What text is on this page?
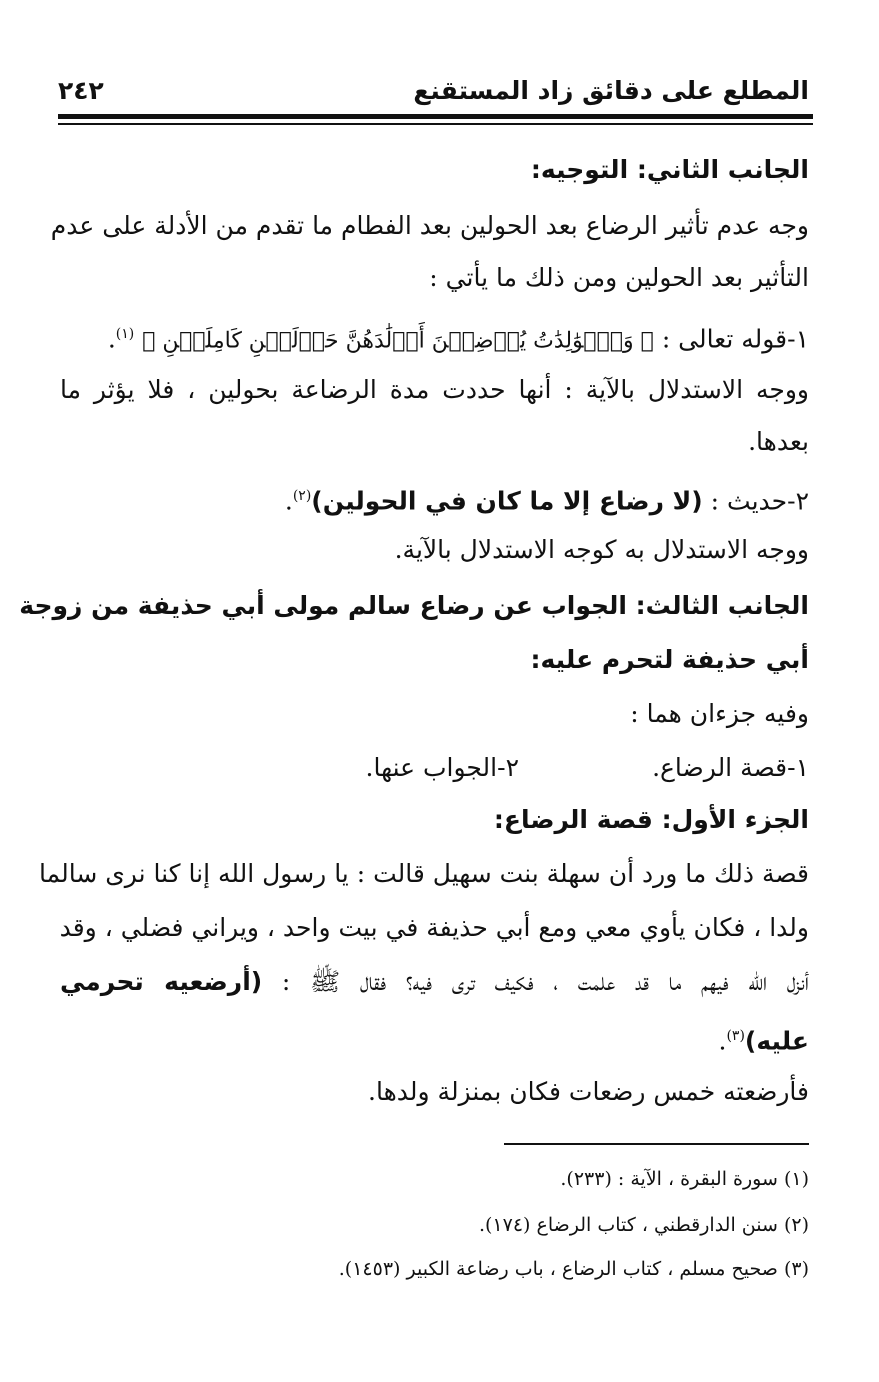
المطلع على دقائق زاد المستقنع
٢٤٢
الجانب الثاني: التوجيه:
وجه عدم تأثير الرضاع بعد الحولين بعد الفطام ما تقدم من الأدلة على عدم
التأثير بعد الحولين ومن ذلك ما يأتي :
١-قوله تعالى : ﴿ وَٱلۡوَٰلِدَٰتُ يُرۡضِعۡنَ أَوۡلَٰدَهُنَّ حَوۡلَيۡنِ كَامِلَيۡنِ ﴾ $^{(١)}$.
ووجه الاستدلال بالآية : أنها حددت مدة الرضاعة بحولين ، فلا يؤثر ما
بعدها.
٢-حديث : (لا رضاع إلا ما كان في الحولين)$^{(٢)}$.
ووجه الاستدلال به كوجه الاستدلال بالآية.
الجانب الثالث: الجواب عن رضاع سالم مولى أبي حذيفة من زوجة
أبي حذيفة لتحرم عليه:
وفيه جزءان هما :
١-قصة الرضاع.
٢-الجواب عنها.
الجزء الأول: قصة الرضاع:
قصة ذلك ما ورد أن سهلة بنت سهيل قالت : يا رسول الله إنا كنا نرى سالما
ولدا ، فكان يأوي معي ومع أبي حذيفة في بيت واحد ، ويراني فضلي ، وقد
أنزل الله فيهم ما قد علمت ، فكيف ترى فيه؟ فقال ﷺ : (أرضعيه تحرمي
عليه)$^{(٣)}$.
فأرضعته خمس رضعات فكان بمنزلة ولدها.
(١) سورة البقرة ، الآية : (٢٣٣).
(٢) سنن الدارقطني ، كتاب الرضاع (١٧٤).
(٣) صحيح مسلم ، كتاب الرضاع ، باب رضاعة الكبير (١٤٥٣).
